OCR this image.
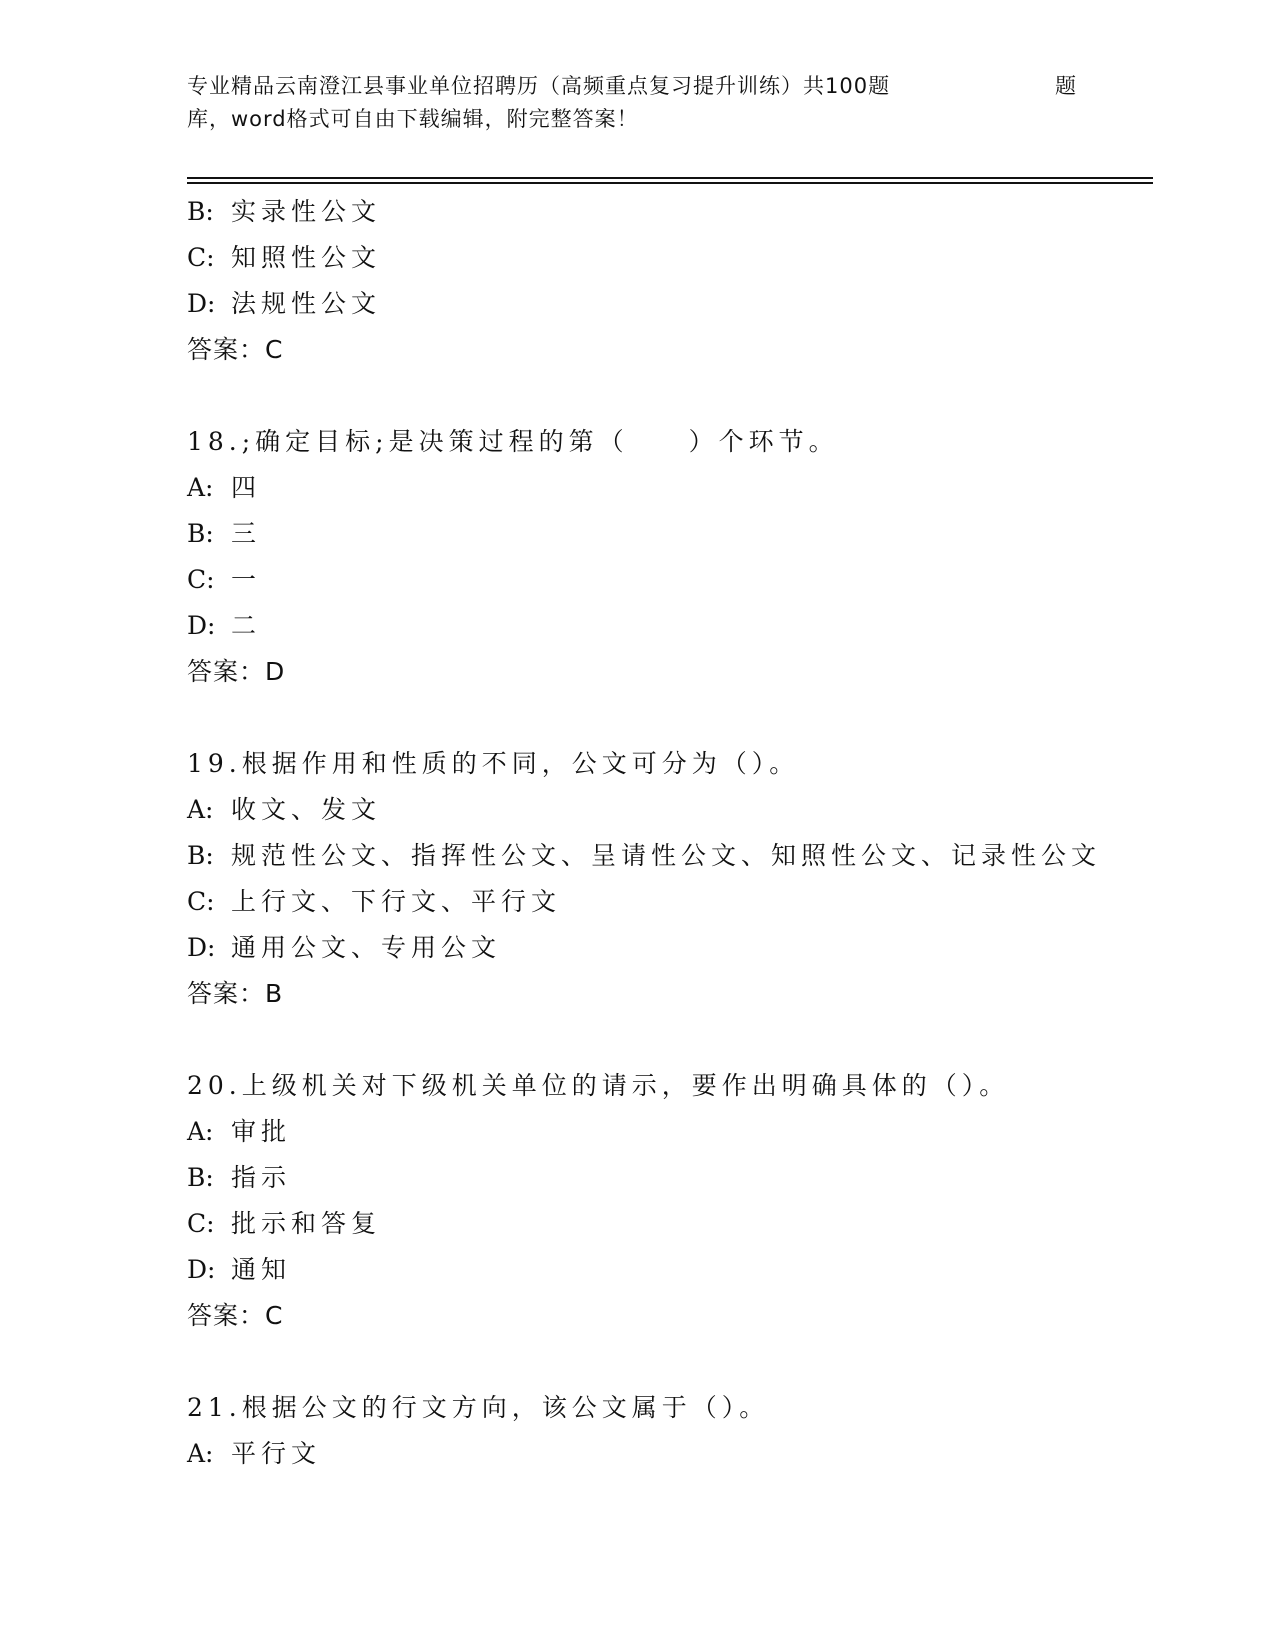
专业精品云南澄江县事业单位招聘历（高频重点复习提升训练）共100题	题
库，word格式可自由下载编辑，附完整答案！
B: 实录性公文
C: 知照性公文
D: 法规性公文
答案：C
18.;确定目标;是决策过程的第（　　）个环节。
A: 四
B: 三
C: 一
D: 二
答案：D
19.根据作用和性质的不同，公文可分为（）。
A: 收文、发文
B: 规范性公文、指挥性公文、呈请性公文、知照性公文、记录性公文
C: 上行文、下行文、平行文
D: 通用公文、专用公文
答案：B
20.上级机关对下级机关单位的请示，要作出明确具体的（）。
A: 审批
B: 指示
C: 批示和答复
D: 通知
答案：C
21.根据公文的行文方向，该公文属于（）。
A: 平行文
